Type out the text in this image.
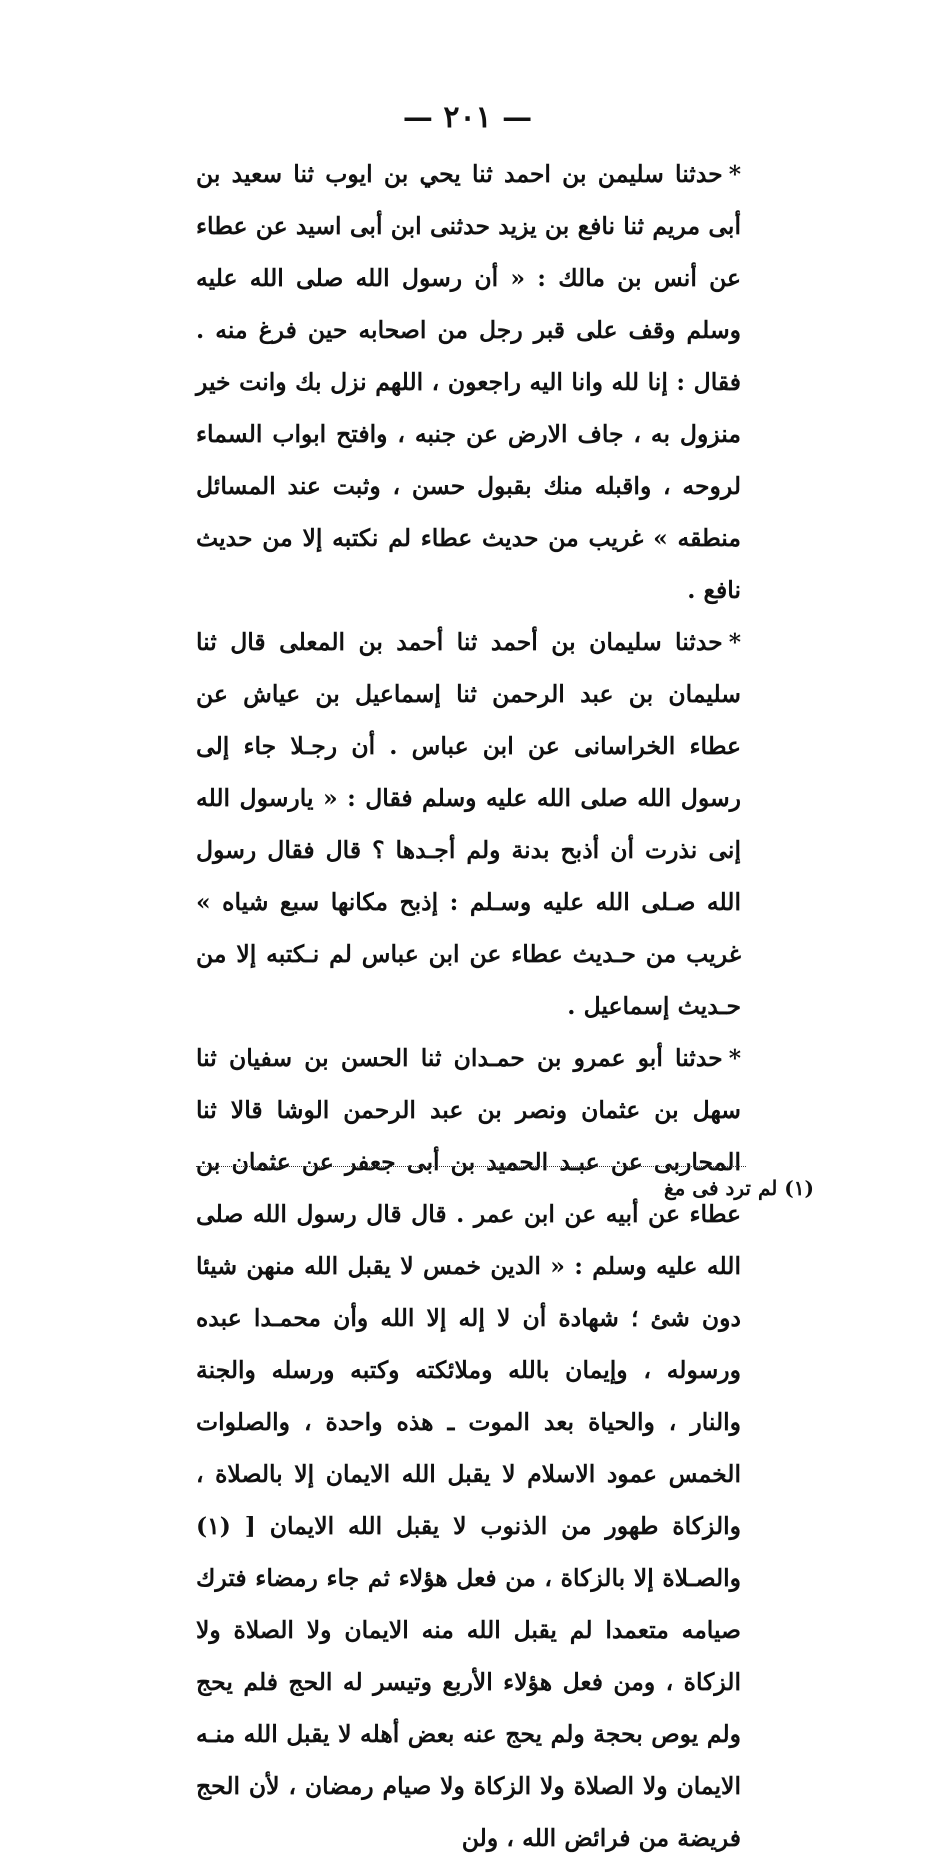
— ٢٠١ —

*حدثنا سليمن بن احمد ثنا يحي بن ايوب ثنا سعيد بن أبى مريم ثنا نافع بن يزيد حدثنى ابن أبى اسيد عن عطاء عن أنس بن مالك : « أن رسول الله صلى الله عليه وسلم وقف على قبر رجل من اصحابه حين فرغ منه . فقال : إنا لله وانا اليه راجعون ، اللهم نزل بك وانت خير منزول به ، جاف الارض عن جنبه ، وافتح ابواب السماء لروحه ، واقبله منك بقبول حسن ، وثبت عند المسائل منطقه » غريب من حديث عطاء لم نكتبه إلا من حديث نافع .

*حدثنا سليمان بن أحمد ثنا أحمد بن المعلى قال ثنا سليمان بن عبد الرحمن ثنا إسماعيل بن عياش عن عطاء الخراسانى عن ابن عباس . أن رجـلا جاء إلى رسول الله صلى الله عليه وسلم فقال : « يارسول الله إنى نذرت أن أذبح بدنة ولم أجـدها ؟ قال فقال رسول الله صـلى الله عليه وسـلم : إذبح مكانها سبع شياه » غريب من حـديث عطاء عن ابن عباس لم نـكتبه إلا من حـديث إسماعيل .

*حدثنا أبو عمرو بن حمـدان ثنا الحسن بن سفيان ثنا سهل بن عثمان ونصر بن عبد الرحمن الوشا قالا ثنا المحاربى عن عبـد الحميد بن أبى جعفر عن عثمان بن عطاء عن أبيه عن ابن عمر . قال قال رسول الله صلى الله عليه وسلم : « الدين خمس لا يقبل الله منهن شيئا دون شئ ؛ شهادة أن لا إله إلا الله وأن محمـدا عبده ورسوله ، وإيمان بالله وملائكته وكتبه ورسله والجنة والنار ، والحياة بعد الموت ـ هذه واحدة ، والصلوات الخمس عمود الاسلام لا يقبل الله الايمان إلا بالصلاة ، والزكاة طهور من الذنوب لا يقبل الله الايمان [ (١) والصـلاة إلا بالزكاة ، من فعل هؤلاء ثم جاء رمضاء فترك صيامه متعمدا لم يقبل الله منه الايمان ولا الصلاة ولا الزكاة ، ومن فعل هؤلاء الأربع وتيسر له الحج فلم يحج ولم يوص بحجة ولم يحج عنه بعض أهله لا يقبل الله منـه الايمان ولا الصلاة ولا الزكاة ولا صيام رمضان ، لأن الحج فريضة من فرائض الله ، ولن

(١) لم ترد فى مغ
